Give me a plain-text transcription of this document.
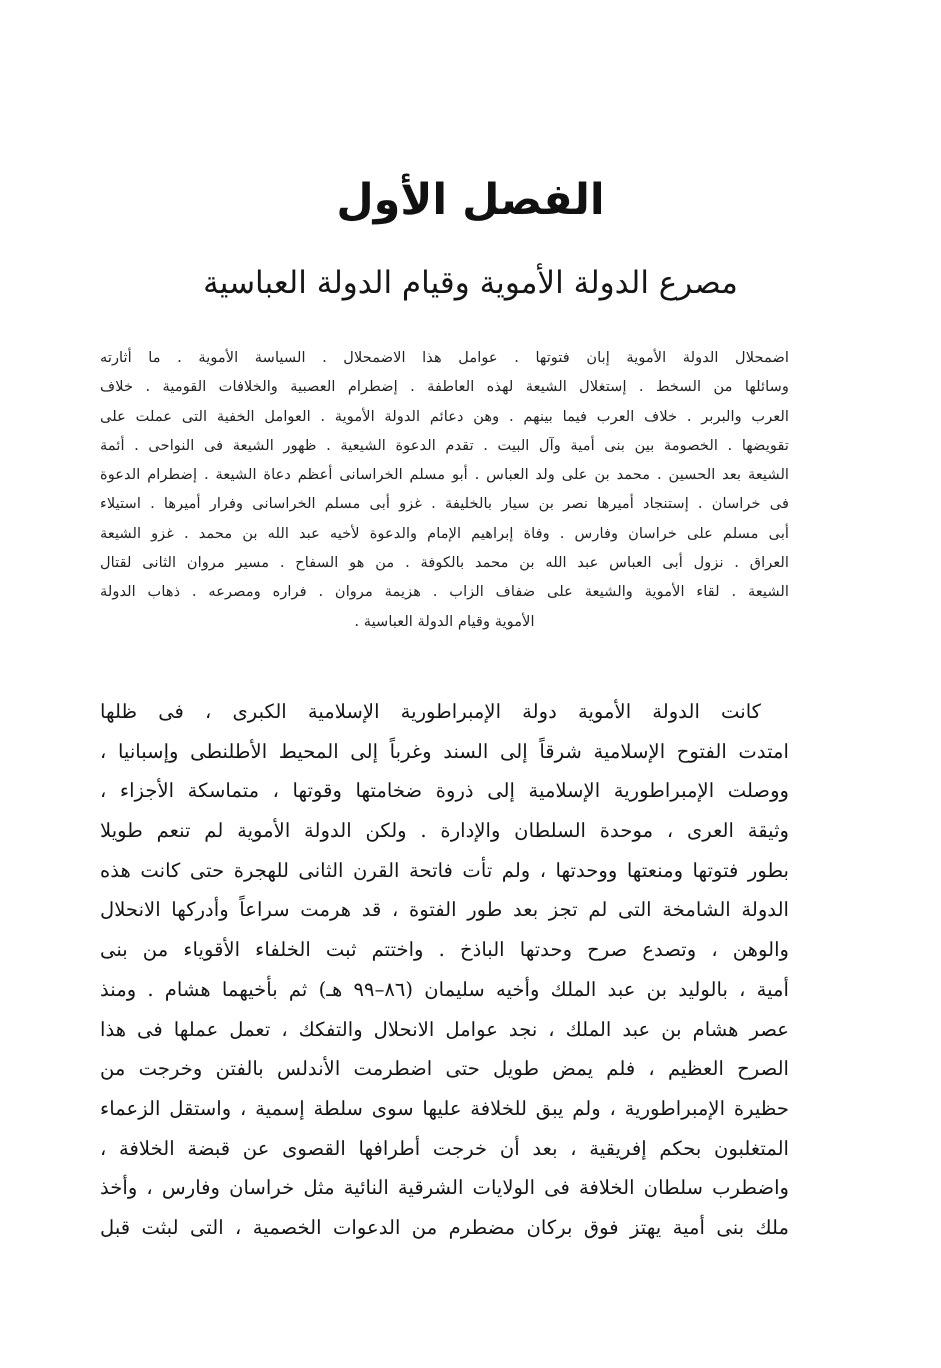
الفصل الأول
مصرع الدولة الأموية وقيام الدولة العباسية
اضمحلال الدولة الأموية إبان فتوتها . عوامل هذا الاضمحلال . السياسة الأموية . ما أثارته
وسائلها من السخط . إستغلال الشيعة لهذه العاطفة . إضطرام العصبية والخلافات القومية . خلاف
العرب والبربر . خلاف العرب فيما بينهم . وهن دعائم الدولة الأموية . العوامل الخفية التى عملت على
تقويضها . الخصومة بين بنى أمية وآل البيت . تقدم الدعوة الشيعية . ظهور الشيعة فى النواحى . أئمة
الشيعة بعد الحسين . محمد بن على ولد العباس . أبو مسلم الخراسانى أعظم دعاة الشيعة . إضطرام الدعوة
فى خراسان . إستنجاد أميرها نصر بن سيار بالخليفة . غزو أبى مسلم الخراسانى وفرار أميرها . استيلاء
أبى مسلم على خراسان وفارس . وفاة إبراهيم الإمام والدعوة لأخيه عبد الله بن محمد . غزو الشيعة
العراق . نزول أبى العباس عبد الله بن محمد بالكوفة . من هو السفاح . مسير مروان الثانى لقتال
الشيعة . لقاء الأموية والشيعة على ضفاف الزاب . هزيمة مروان . فراره ومصرعه . ذهاب الدولة
الأموية وقيام الدولة العباسية .
كانت الدولة الأموية دولة الإمبراطورية الإسلامية الكبرى ، فى ظلها
امتدت الفتوح الإسلامية شرقاً إلى السند وغرباً إلى المحيط الأطلنطى وإسبانيا ،
ووصلت الإمبراطورية الإسلامية إلى ذروة ضخامتها وقوتها ، متماسكة الأجزاء ،
وثيقة العرى ، موحدة السلطان والإدارة . ولكن الدولة الأموية لم تنعم طويلا
بطور فتوتها ومنعتها ووحدتها ، ولم تأت فاتحة القرن الثانى للهجرة حتى كانت هذه
الدولة الشامخة التى لم تجز بعد طور الفتوة ، قد هرمت سراعاً وأدركها الانحلال
والوهن ، وتصدع صرح وحدتها الباذخ . واختتم ثبت الخلفاء الأقوياء من بنى
أمية ، بالوليد بن عبد الملك وأخيه سليمان (٨٦–٩٩ هـ) ثم بأخيهما هشام . ومنذ
عصر هشام بن عبد الملك ، نجد عوامل الانحلال والتفكك ، تعمل عملها فى هذا
الصرح العظيم ، فلم يمض طويل حتى اضطرمت الأندلس بالفتن وخرجت من
حظيرة الإمبراطورية ، ولم يبق للخلافة عليها سوى سلطة إسمية ، واستقل الزعماء
المتغلبون بحكم إفريقية ، بعد أن خرجت أطرافها القصوى عن قبضة الخلافة ،
واضطرب سلطان الخلافة فى الولايات الشرقية النائية مثل خراسان وفارس ، وأخذ
ملك بنى أمية يهتز فوق بركان مضطرم من الدعوات الخصمية ، التى لبثت قبل
